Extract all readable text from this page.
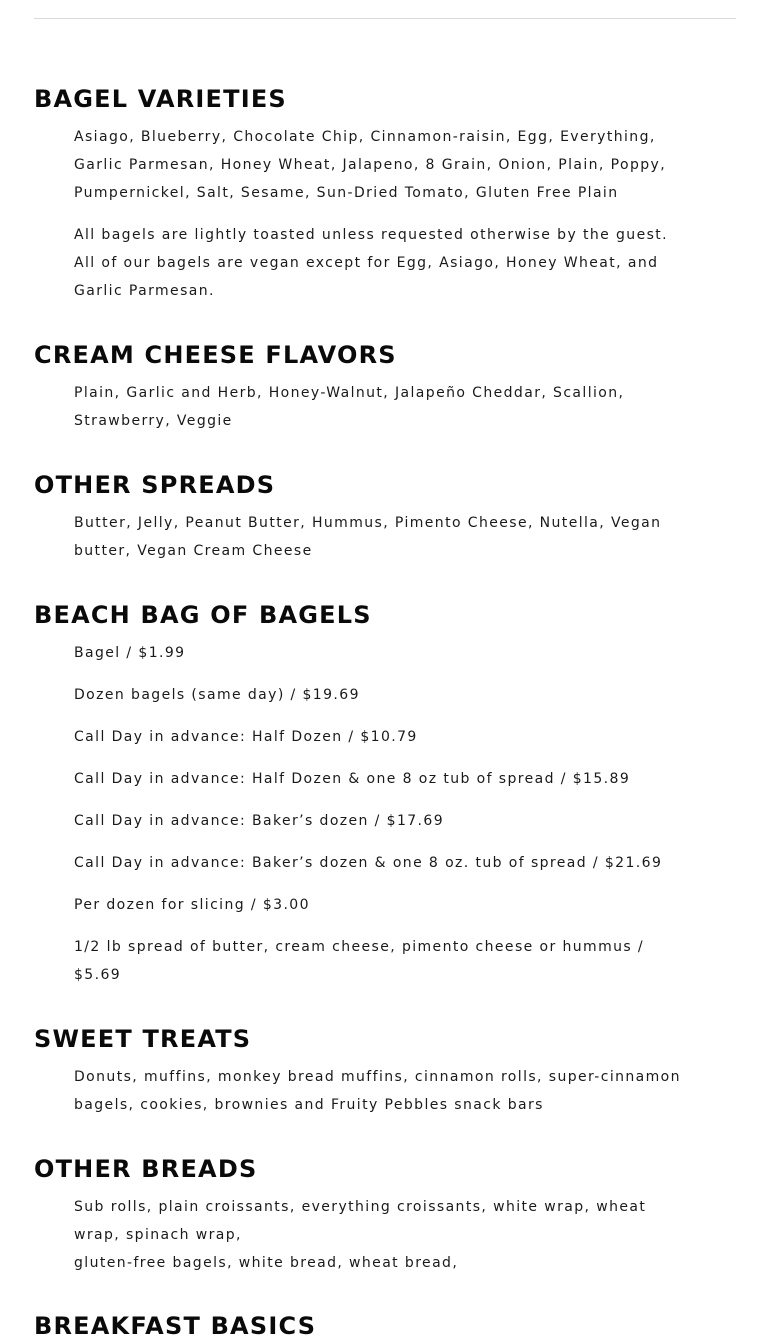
BAGEL VARIETIES

Asiago, Blueberry, Chocolate Chip, Cinnamon-raisin, Egg, Everything, Garlic Parmesan, Honey Wheat, Jalapeno, 8 Grain, Onion, Plain, Poppy, Pumpernickel, Salt, Sesame, Sun-Dried Tomato, Gluten Free Plain

All bagels are lightly toasted unless requested otherwise by the guest. All of our bagels are vegan except for Egg, Asiago, Honey Wheat, and Garlic Parmesan.

CREAM CHEESE FLAVORS

Plain, Garlic and Herb, Honey-Walnut, Jalapeño Cheddar, Scallion, Strawberry, Veggie

OTHER SPREADS

Butter, Jelly, Peanut Butter, Hummus, Pimento Cheese, Nutella, Vegan butter, Vegan Cream Cheese

BEACH BAG OF BAGELS

Bagel / $1.99

Dozen bagels (same day) / $19.69

Call Day in advance: Half Dozen / $10.79

Call Day in advance: Half Dozen & one 8 oz tub of spread / $15.89

Call Day in advance: Baker’s dozen / $17.69

Call Day in advance: Baker’s dozen & one 8 oz. tub of spread / $21.69

Per dozen for slicing / $3.00

1/2 lb spread of butter, cream cheese, pimento cheese or hummus / $5.69

SWEET TREATS

Donuts, muffins, monkey bread muffins, cinnamon rolls, super-cinnamon bagels, cookies, brownies and Fruity Pebbles snack bars

OTHER BREADS

Sub rolls, plain croissants, everything croissants, white wrap, wheat wrap, spinach wrap,

gluten-free bagels, white bread, wheat bread,

BREAKFAST BASICS
